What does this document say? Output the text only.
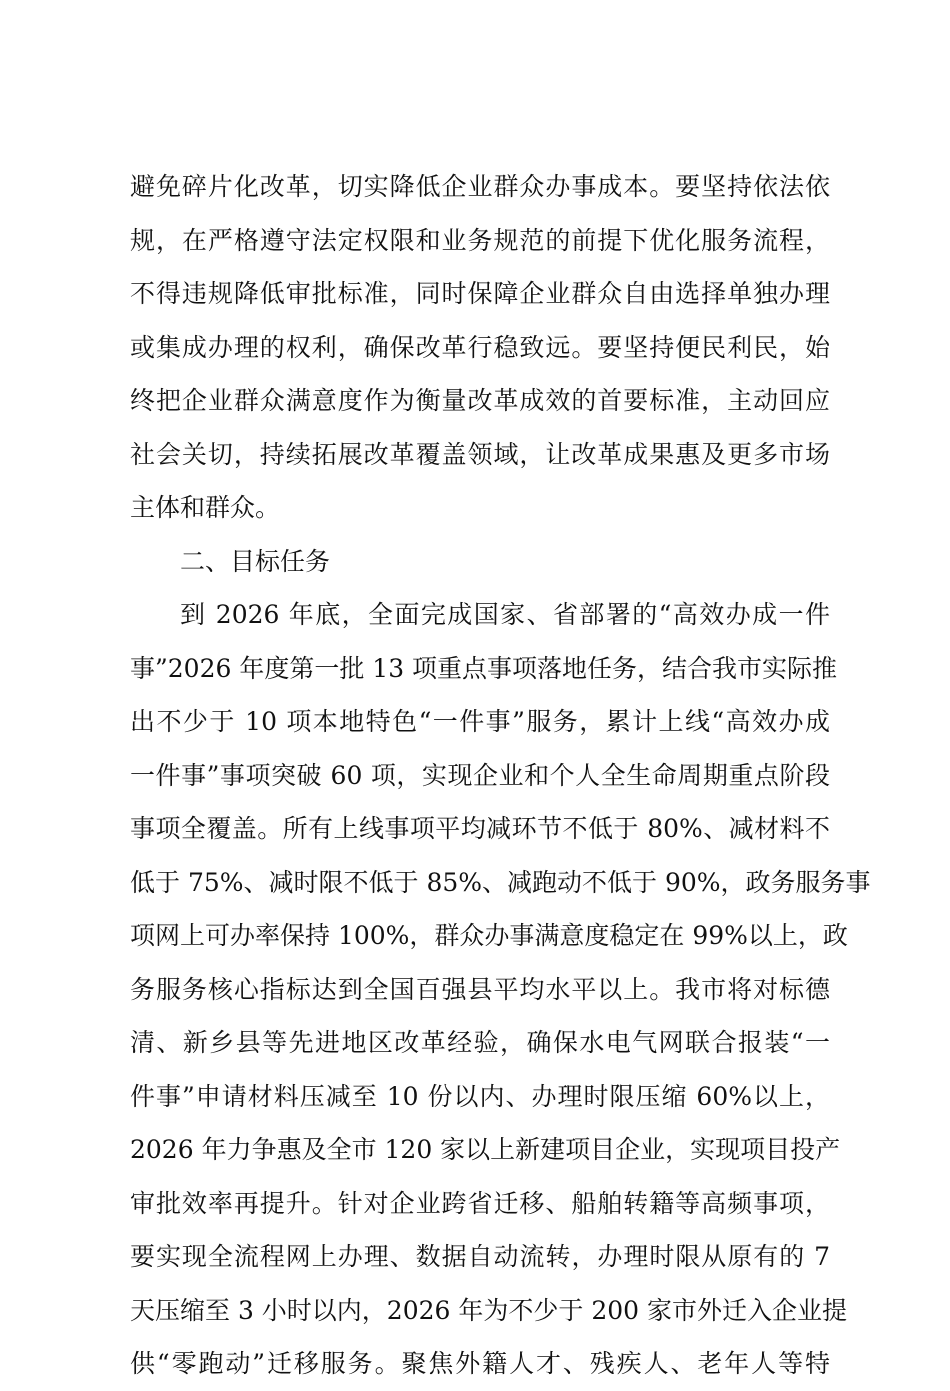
避免碎片化改革，切实降低企业群众办事成本。要坚持依法依
规，在严格遵守法定权限和业务规范的前提下优化服务流程，
不得违规降低审批标准，同时保障企业群众自由选择单独办理
或集成办理的权利，确保改革行稳致远。要坚持便民利民，始
终把企业群众满意度作为衡量改革成效的首要标准，主动回应
社会关切，持续拓展改革覆盖领域，让改革成果惠及更多市场
主体和群众。
二、目标任务
到 2026 年底，全面完成国家、省部署的“高效办成一件
事”2026 年度第一批 13 项重点事项落地任务，结合我市实际推
出不少于 10 项本地特色“一件事”服务，累计上线“高效办成
一件事”事项突破 60 项，实现企业和个人全生命周期重点阶段
事项全覆盖。所有上线事项平均减环节不低于 80%、减材料不
低于 75%、减时限不低于 85%、减跑动不低于 90%，政务服务事
项网上可办率保持 100%，群众办事满意度稳定在 99%以上，政
务服务核心指标达到全国百强县平均水平以上。我市将对标德
清、新乡县等先进地区改革经验，确保水电气网联合报装“一
件事”申请材料压减至 10 份以内、办理时限压缩 60%以上，
2026 年力争惠及全市 120 家以上新建项目企业，实现项目投产
审批效率再提升。针对企业跨省迁移、船舶转籍等高频事项，
要实现全流程网上办理、数据自动流转，办理时限从原有的 7
天压缩至 3 小时以内，2026 年为不少于 200 家市外迁入企业提
供“零跑动”迁移服务。聚焦外籍人才、残疾人、老年人等特
